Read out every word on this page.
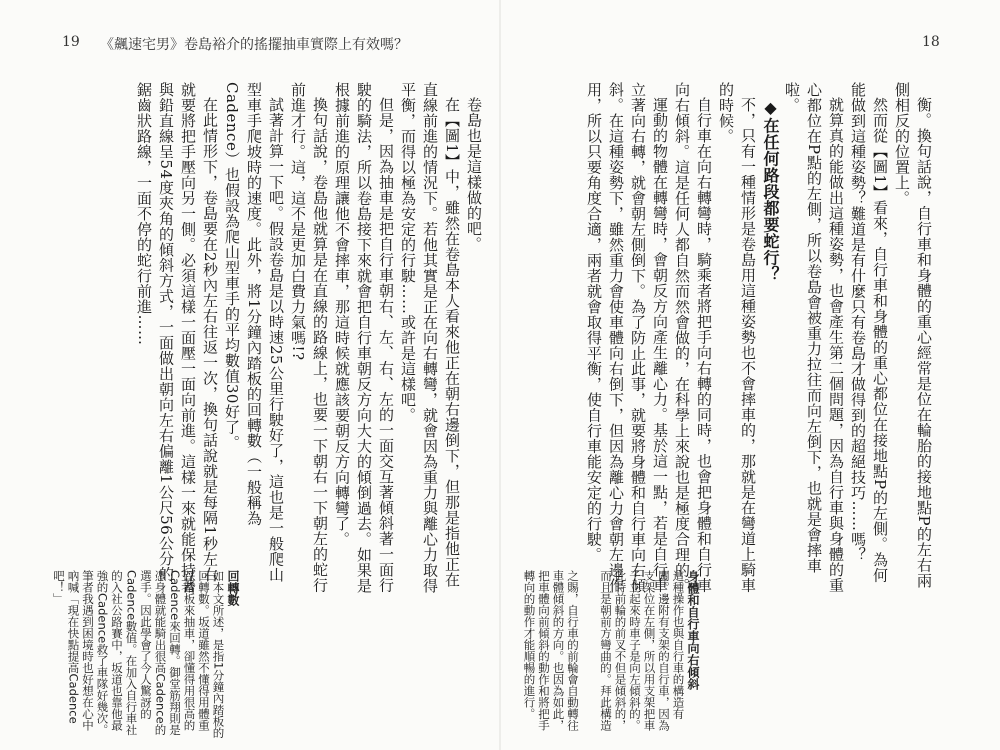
19 《飆速宅男》卷島裕介的搖擺抽車實際上有效嗎？	18

衡。換句話說，自行車和身體的重心經常是位在輪胎的接地點P的左右兩側相反的位置上。

然而從【圖1】看來，自行車和身體的重心都位在接地點P的左側。為何能做到這種姿勢？難道是有什麼只有卷島才做得到的超絕技巧……嗎？

就算真的能做出這種姿勢，也會產生第二個問題，因為自行車與身體的重心都位在P點的左側，所以卷島會被重力拉往而向左倒下，也就是會摔車啦。

◆ 在任何路段都要蛇行？

不，只有一種情形是卷島用這種姿勢也不會摔車的，那就是在彎道上騎車的時候。

自行車在向右轉彎時，騎乘者將把手向右轉的同時，也會把身體和自行車向右傾斜。這是任何人都自然而然會做的，在科學上來說也是極度合理的。

運動的物體在轉彎時，會朝反方向產生離心力。基於這一點，若是自行車立著向右轉，就會朝左側倒下。為了防止此事，就要將身體和自行車向右傾斜。在這種姿勢下，雖然重力會使車體向右倒下，但因為離心力會朝左邊作用，所以只要角度合適，兩者就會取得平衡，使自行車能安定的行駛。

卷島也是這樣做的吧。

在【圖1】中，雖然在卷島本人看來他正在朝右邊倒下，但那是指他正在直線前進的情況下。若他其實是正在向右轉彎，就會因為重力與離心力取得平衡，而得以極為安定的行駛……或許是這樣吧。

但是，因為抽車是把自行車朝右、左、右、左的一面交互著傾斜著一面行駛的騎法，所以卷島接下來就會把自行車朝反方向大大的傾倒過去。如果是根據前進的原理讓他不會摔車，那這時候就應該要朝反方向轉彎了。

換句話說，卷島他就算是在直線的路線上，也要一下朝右一下朝左的蛇行前進才行。這，這不是更加白費力氣嗎!?

試著計算一下吧。假設卷島是以時速25公里行駛好了，這也是一般爬山型車手爬坡時的速度。此外，將1分鐘內踏板的回轉數（一般稱為Cadence）也假設為爬山型車手的平均數值30好了。

在此情形下，卷島要在2秒內左右往返一次，換句話說就是每隔1秒左右就要將把手壓向另一側。必須這樣一面壓一面向前進。這樣一來就能保持著與鉛直線呈54度夾角的傾斜方式，一面做出朝向左右偏離1公尺56公分的鋸齒狀路線，一面不停的蛇行前進……

身體和自行車向右傾斜

這種操作也與自行車的構造有關。邊附有支架的自行車，因為支架位在左側，所以用支架把車子立起來時車子是向左傾斜的。此時前輪的前叉不但是傾斜的，而且是朝前方彎曲的。拜此構造

之賜，自行車的前輪會自動轉往車體傾斜的方向。也因為如此，把車體向前傾斜的動作和將把手轉向的動作才能順暢的進行。

回轉數

如本文所述，是指1分鐘內踏板的回轉數。坂道雖然不懂得用體重踩踏板來抽車，卻懂得用很高的Cadence來回轉。御堂筋翔則是憑身體就能騎出很高Cadence的選手。因此學會了今人驚訝的Cadence數值。在加入自行車社的入社公路賽中，坂道也靠他最強的Cadence救了車隊好幾次。筆者我遇到困境時也好想在心中吶喊「現在快點提高Cadence吧！」
